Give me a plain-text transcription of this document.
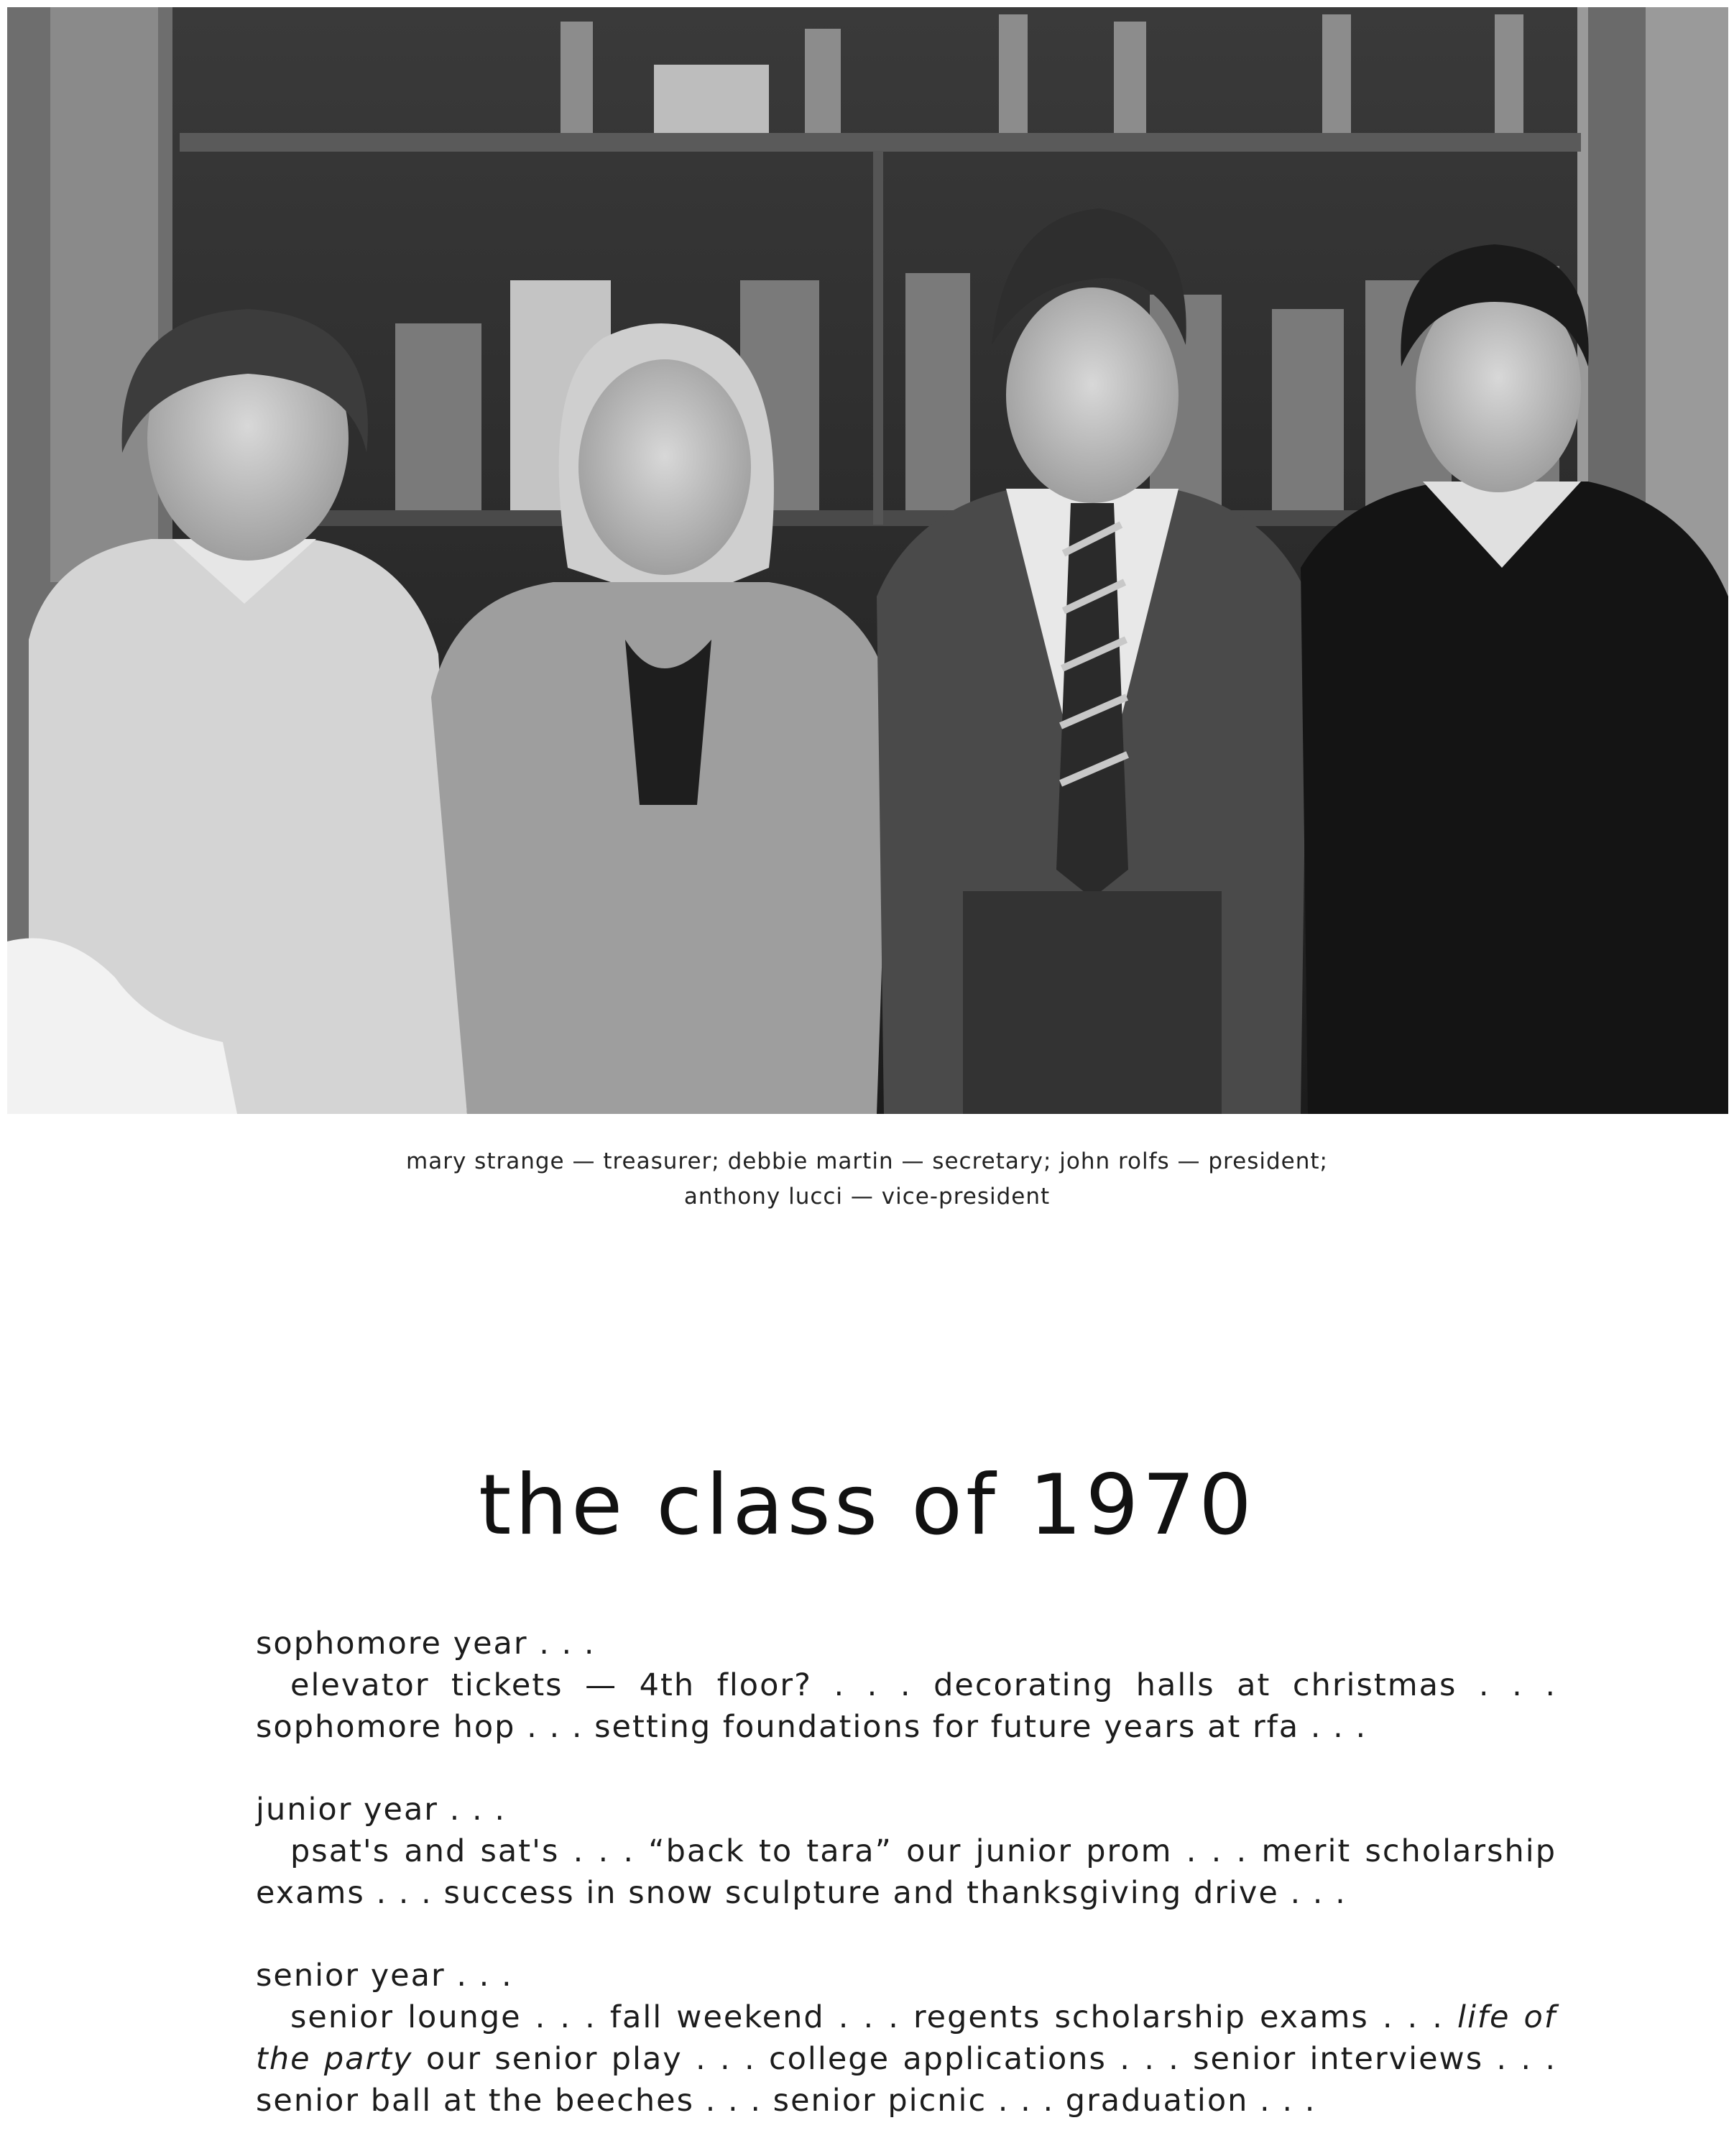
mary strange — treasurer; debbie martin — secretary; john rolfs — president;
anthony lucci — vice-president
the class of 1970
sophomore year . . .
elevator tickets — 4th floor? . . . decorating halls at christmas . . .
sophomore hop . . . setting foundations for future years at rfa . . .
junior year . . .
psat's and sat's . . . “back to tara” our junior prom . . . merit scholarship
exams . . . success in snow sculpture and thanksgiving drive . . .
senior year . . .
senior lounge . . . fall weekend . . . regents scholarship exams . . . life of
the party our senior play . . . college applications . . . senior interviews . . .
senior ball at the beeches . . . senior picnic . . . graduation . . .
